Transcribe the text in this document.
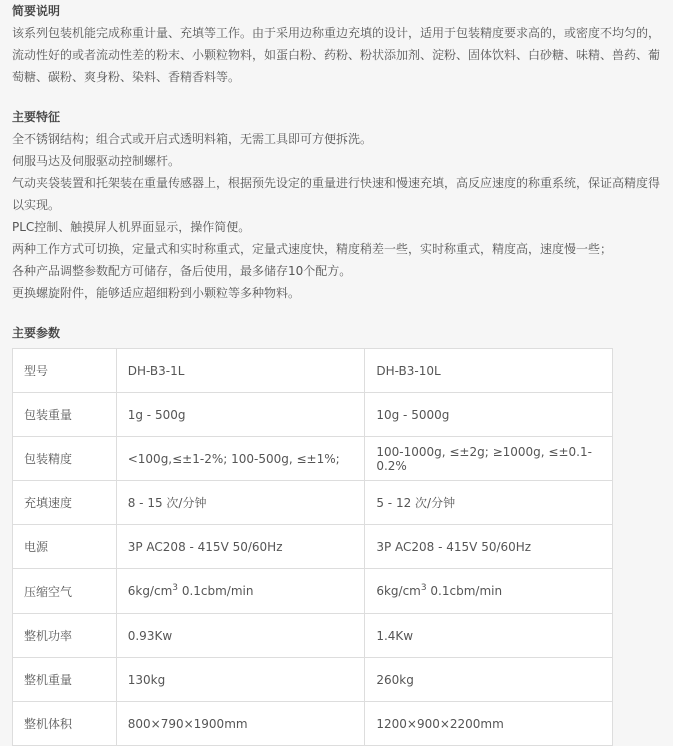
简要说明

该系列包装机能完成称重计量、充填等工作。由于采用边称重边充填的设计，适用于包装精度要求高的，或密度不均匀的，

流动性好的或者流动性差的粉末、小颗粒物料，如蛋白粉、药粉、粉状添加剂、淀粉、固体饮料、白砂糖、味精、兽药、葡

萄糖、碳粉、爽身粉、染料、香精香料等。

主要特征

全不锈钢结构；组合式或开启式透明料箱，无需工具即可方便拆洗。

伺服马达及伺服驱动控制螺杆。

气动夹袋装置和托架装在重量传感器上，根据预先设定的重量进行快速和慢速充填，高反应速度的称重系统，保证高精度得

以实现。

PLC控制、触摸屏人机界面显示，操作简便。

两种工作方式可切换，定量式和实时称重式，定量式速度快，精度稍差一些，实时称重式，精度高，速度慢一些；

各种产品调整参数配方可储存，备后使用，最多储存10个配方。

更换螺旋附件，能够适应超细粉到小颗粒等多种物料。

主要参数

型号	DH-B3-1L	DH-B3-10L
包装重量	1g - 500g	10g - 5000g
包装精度	<100g,≤±1-2%; 100-500g, ≤±1%;	100-1000g, ≤±2g; ≥1000g, ≤±0.1-0.2%
充填速度	8 - 15 次/分钟	5 - 12 次/分钟
电源	3P AC208 - 415V 50/60Hz	3P AC208 - 415V 50/60Hz
压缩空气	$6kg/cm^3$ 0.1cbm/min	$6kg/cm^3$ 0.1cbm/min
整机功率	0.93Kw	1.4Kw
整机重量	130kg	260kg
整机体积	800×790×1900mm	1200×900×2200mm
